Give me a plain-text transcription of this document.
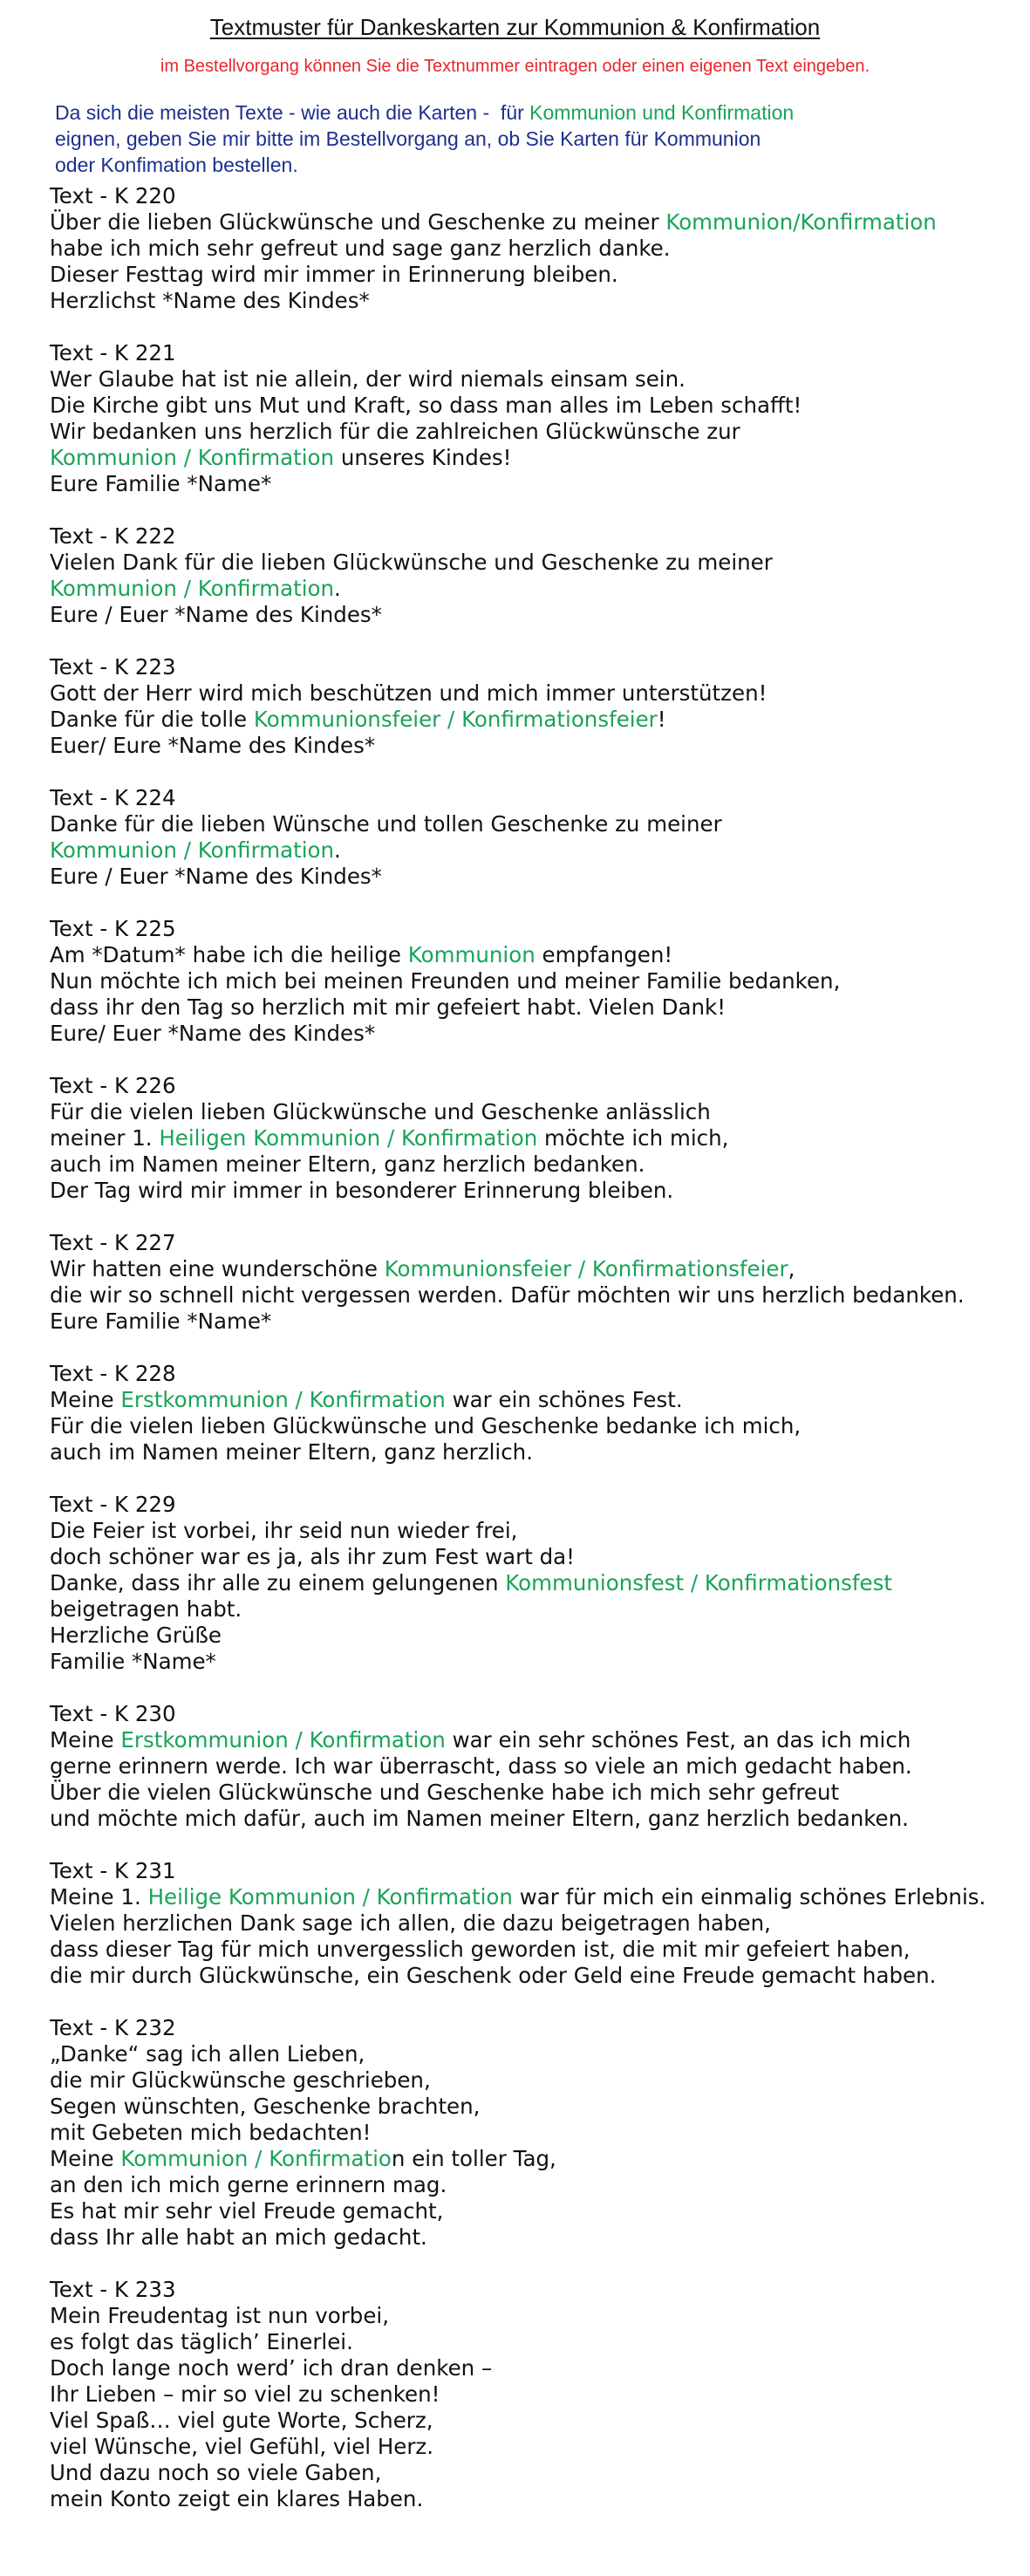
Textmuster für Dankeskarten zur Kommunion & Konfirmation
im Bestellvorgang können Sie die Textnummer eintragen oder einen eigenen Text eingeben.
Da sich die meisten Texte - wie auch die Karten -  für Kommunion und Konfirmation
eignen, geben Sie mir bitte im Bestellvorgang an, ob Sie Karten für Kommunion
oder Konfimation bestellen.
Text - K 220
Über die lieben Glückwünsche und Geschenke zu meiner Kommunion/Konfirmation
habe ich mich sehr gefreut und sage ganz herzlich danke.
Dieser Festtag wird mir immer in Erinnerung bleiben.
Herzlichst *Name des Kindes*
Text - K 221
Wer Glaube hat ist nie allein, der wird niemals einsam sein.
Die Kirche gibt uns Mut und Kraft, so dass man alles im Leben schafft!
Wir bedanken uns herzlich für die zahlreichen Glückwünsche zur
Kommunion / Konfirmation unseres Kindes!
Eure Familie *Name*
Text - K 222
Vielen Dank für die lieben Glückwünsche und Geschenke zu meiner
Kommunion / Konfirmation.
Eure / Euer *Name des Kindes*
Text - K 223
Gott der Herr wird mich beschützen und mich immer unterstützen!
Danke für die tolle Kommunionsfeier / Konfirmationsfeier!
Euer/ Eure *Name des Kindes*
Text - K 224
Danke für die lieben Wünsche und tollen Geschenke zu meiner
Kommunion / Konfirmation.
Eure / Euer *Name des Kindes*
Text - K 225
Am *Datum* habe ich die heilige Kommunion empfangen!
Nun möchte ich mich bei meinen Freunden und meiner Familie bedanken,
dass ihr den Tag so herzlich mit mir gefeiert habt. Vielen Dank!
Eure/ Euer *Name des Kindes*
Text - K 226
Für die vielen lieben Glückwünsche und Geschenke anlässlich
meiner 1. Heiligen Kommunion / Konfirmation möchte ich mich,
auch im Namen meiner Eltern, ganz herzlich bedanken.
Der Tag wird mir immer in besonderer Erinnerung bleiben.
Text - K 227
Wir hatten eine wunderschöne Kommunionsfeier / Konfirmationsfeier,
die wir so schnell nicht vergessen werden. Dafür möchten wir uns herzlich bedanken.
Eure Familie *Name*
Text - K 228
Meine Erstkommunion / Konfirmation war ein schönes Fest.
Für die vielen lieben Glückwünsche und Geschenke bedanke ich mich,
auch im Namen meiner Eltern, ganz herzlich.
Text - K 229
Die Feier ist vorbei, ihr seid nun wieder frei,
doch schöner war es ja, als ihr zum Fest wart da!
Danke, dass ihr alle zu einem gelungenen Kommunionsfest / Konfirmationsfest
beigetragen habt.
Herzliche Grüße
Familie *Name*
Text - K 230
Meine Erstkommunion / Konfirmation war ein sehr schönes Fest, an das ich mich
gerne erinnern werde. Ich war überrascht, dass so viele an mich gedacht haben.
Über die vielen Glückwünsche und Geschenke habe ich mich sehr gefreut
und möchte mich dafür, auch im Namen meiner Eltern, ganz herzlich bedanken.
Text - K 231
Meine 1. Heilige Kommunion / Konfirmation war für mich ein einmalig schönes Erlebnis.
Vielen herzlichen Dank sage ich allen, die dazu beigetragen haben,
dass dieser Tag für mich unvergesslich geworden ist, die mit mir gefeiert haben,
die mir durch Glückwünsche, ein Geschenk oder Geld eine Freude gemacht haben.
Text - K 232
„Danke“ sag ich allen Lieben,
die mir Glückwünsche geschrieben,
Segen wünschten, Geschenke brachten,
mit Gebeten mich bedachten!
Meine Kommunion / Konfirmation ein toller Tag,
an den ich mich gerne erinnern mag.
Es hat mir sehr viel Freude gemacht,
dass Ihr alle habt an mich gedacht.
Text - K 233
Mein Freudentag ist nun vorbei,
es folgt das täglich’ Einerlei.
Doch lange noch werd’ ich dran denken –
Ihr Lieben – mir so viel zu schenken!
Viel Spaß… viel gute Worte, Scherz,
viel Wünsche, viel Gefühl, viel Herz.
Und dazu noch so viele Gaben,
mein Konto zeigt ein klares Haben.
